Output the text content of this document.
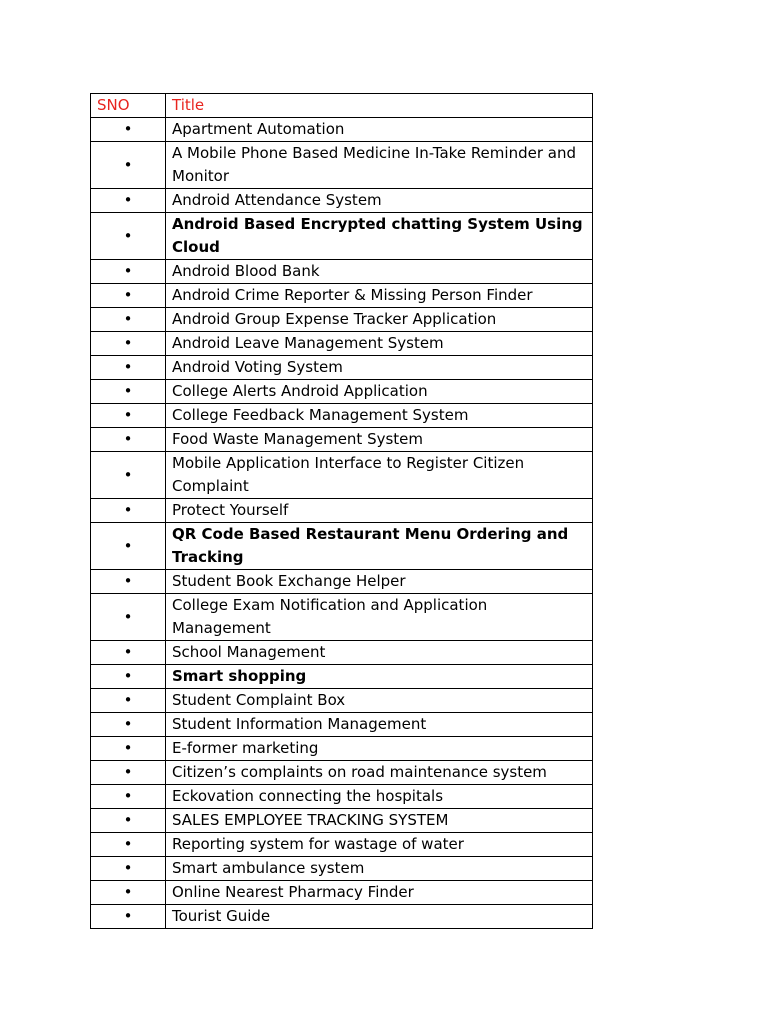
SNO	Title
•	Apartment Automation
•	A Mobile Phone Based Medicine In-Take Reminder and Monitor
•	Android Attendance System
•	Android Based Encrypted chatting System Using Cloud
•	Android Blood Bank
•	Android Crime Reporter & Missing Person Finder
•	Android Group Expense Tracker Application
•	Android Leave Management System
•	Android Voting System
•	College Alerts Android Application
•	College Feedback Management System
•	Food Waste Management System
•	Mobile Application Interface to Register Citizen Complaint
•	Protect Yourself
•	QR Code Based Restaurant Menu Ordering and Tracking
•	Student Book Exchange Helper
•	College Exam Notification and Application Management
•	School Management
•	Smart shopping
•	Student Complaint Box
•	Student Information Management
•	E-former marketing
•	Citizen’s complaints on road maintenance system
•	Eckovation connecting the hospitals
•	SALES EMPLOYEE TRACKING SYSTEM
•	Reporting system for wastage of water
•	Smart ambulance system
•	Online Nearest Pharmacy Finder
•	Tourist Guide
